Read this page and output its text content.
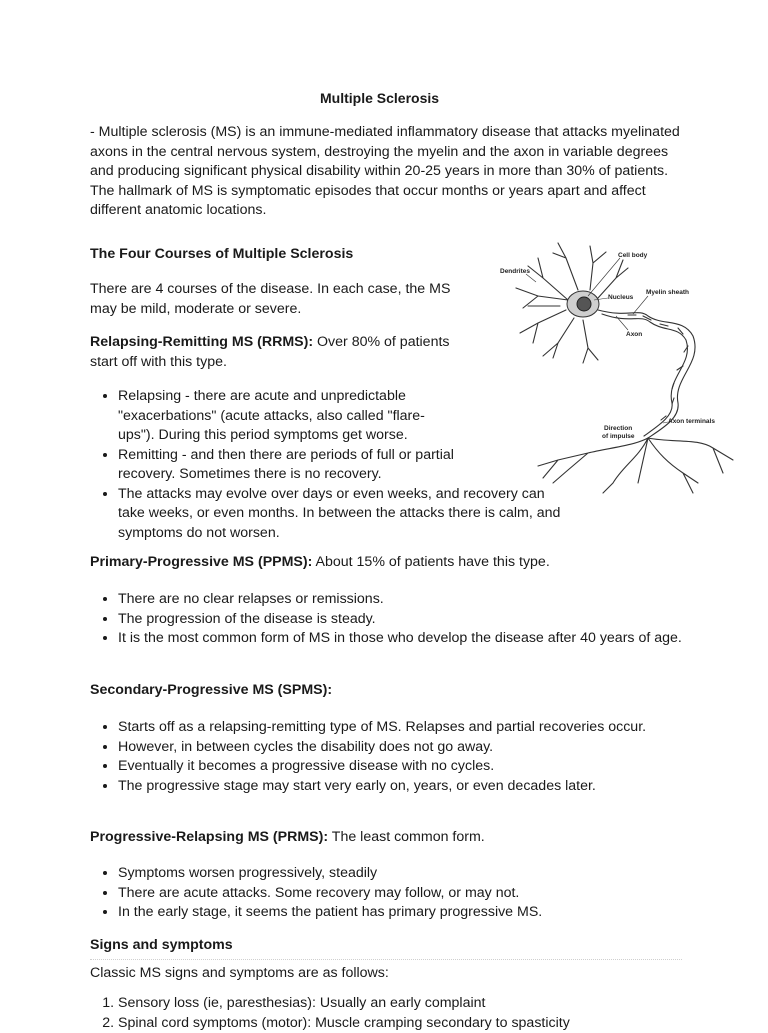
Multiple Sclerosis

- Multiple sclerosis (MS) is an immune-mediated inflammatory disease that attacks myelinated axons in the central nervous system, destroying the myelin and the axon in variable degrees and producing significant physical disability within 20-25 years in more than 30% of patients. The hallmark of MS is symptomatic episodes that occur months or years apart and affect different anatomic locations.

The Four Courses of Multiple Sclerosis

There are 4 courses of the disease. In each case, the MS may be mild, moderate or severe.

Relapsing-Remitting MS (RRMS): Over 80% of patients start off with this type.

• Relapsing - there are acute and unpredictable "exacerbations" (acute attacks, also called "flare-ups"). During this period symptoms get worse.
• Remitting - and then there are periods of full or partial recovery. Sometimes there is no recovery.
• The attacks may evolve over days or even weeks, and recovery can take weeks, or even months. In between the attacks there is calm, and symptoms do not worsen.

Primary-Progressive MS (PPMS): About 15% of patients have this type.

• There are no clear relapses or remissions.
• The progression of the disease is steady.
• It is the most common form of MS in those who develop the disease after 40 years of age.
Secondary-Progressive MS (SPMS):
• Starts off as a relapsing-remitting type of MS. Relapses and partial recoveries occur.
• However, in between cycles the disability does not go away.
• Eventually it becomes a progressive disease with no cycles.
• The progressive stage may start very early on, years, or even decades later.

Progressive-Relapsing MS (PRMS): The least common form.

• Symptoms worsen progressively, steadily
• There are acute attacks. Some recovery may follow, or may not.
• In the early stage, it seems the patient has primary progressive MS.
Signs and symptoms

Classic MS signs and symptoms are as follows:

1. Sensory loss (ie, paresthesias): Usually an early complaint
2. Spinal cord symptoms (motor): Muscle cramping secondary to spasticity
Cell body
Dendrites
Nucleus
Myelin sheath
Axon
Axon terminals
Direction
of impulse
